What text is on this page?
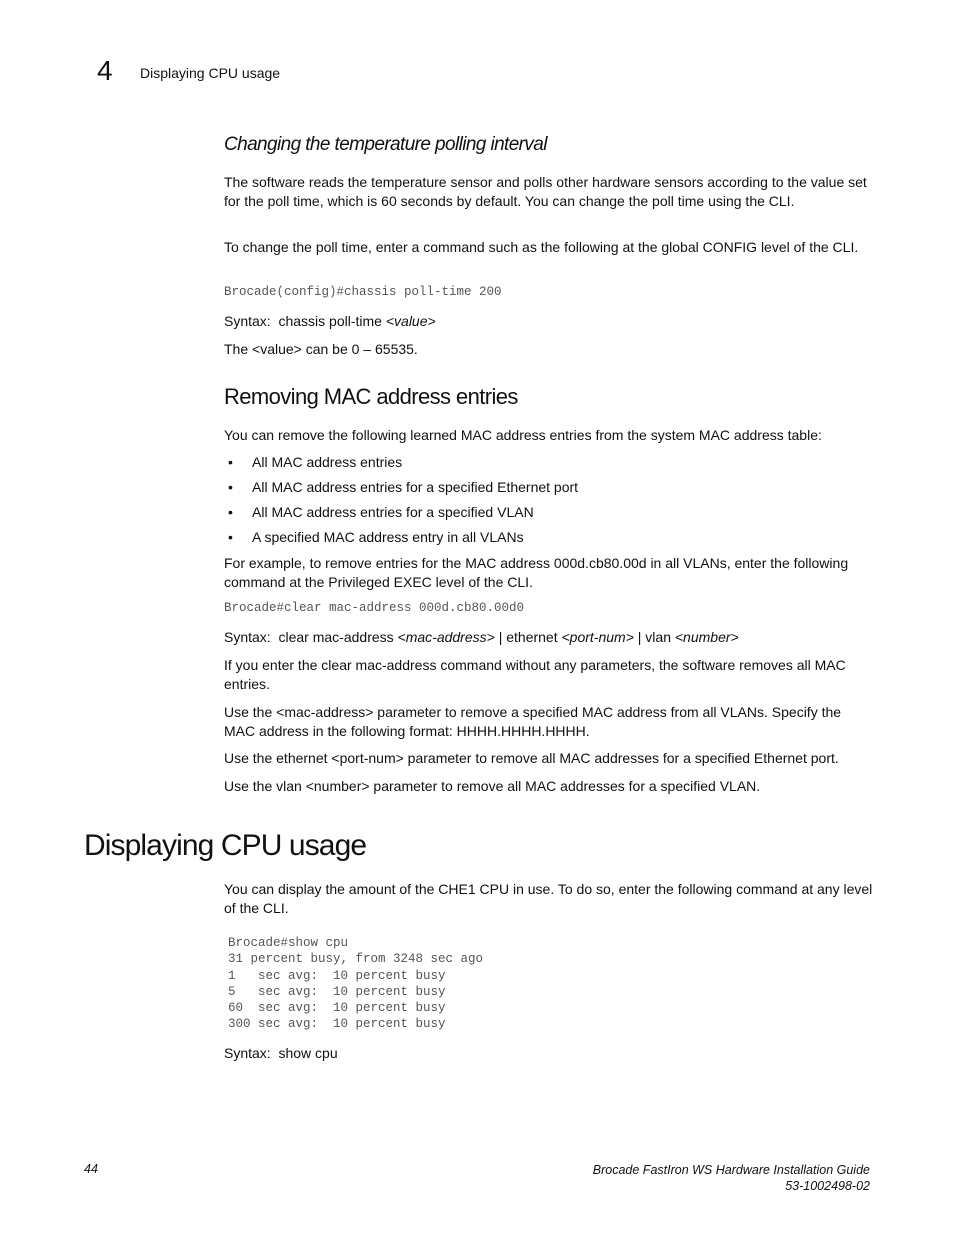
4 Displaying CPU usage
Changing the temperature polling interval

The software reads the temperature sensor and polls other hardware sensors according to the value set for the poll time, which is 60 seconds by default. You can change the poll time using the CLI.

To change the poll time, enter a command such as the following at the global CONFIG level of the CLI.

Brocade(config)#chassis poll-time 200
Syntax: chassis poll-time <value>

The <value> can be 0 – 65535.

Removing MAC address entries

You can remove the following learned MAC address entries from the system MAC address table:

• All MAC address entries
• All MAC address entries for a specified Ethernet port
• All MAC address entries for a specified VLAN
• A specified MAC address entry in all VLANs

For example, to remove entries for the MAC address 000d.cb80.00d in all VLANs, enter the following command at the Privileged EXEC level of the CLI.

Brocade#clear mac-address 000d.cb80.00d0
Syntax: clear mac-address <mac-address> | ethernet <port-num> | vlan <number>

If you enter the clear mac-address command without any parameters, the software removes all MAC entries.

Use the <mac-address> parameter to remove a specified MAC address from all VLANs. Specify the MAC address in the following format: HHHH.HHHH.HHHH.

Use the ethernet <port-num> parameter to remove all MAC addresses for a specified Ethernet port.

Use the vlan <number> parameter to remove all MAC addresses for a specified VLAN.

Displaying CPU usage

You can display the amount of the CHE1 CPU in use. To do so, enter the following command at any level of the CLI.

Brocade#show cpu
31 percent busy, from 3248 sec ago
1   sec avg:  10 percent busy
5   sec avg:  10 percent busy
60  sec avg:  10 percent busy
300 sec avg:  10 percent busy
Syntax: show cpu
44	Brocade FastIron WS Hardware Installation Guide
53-1002498-02
